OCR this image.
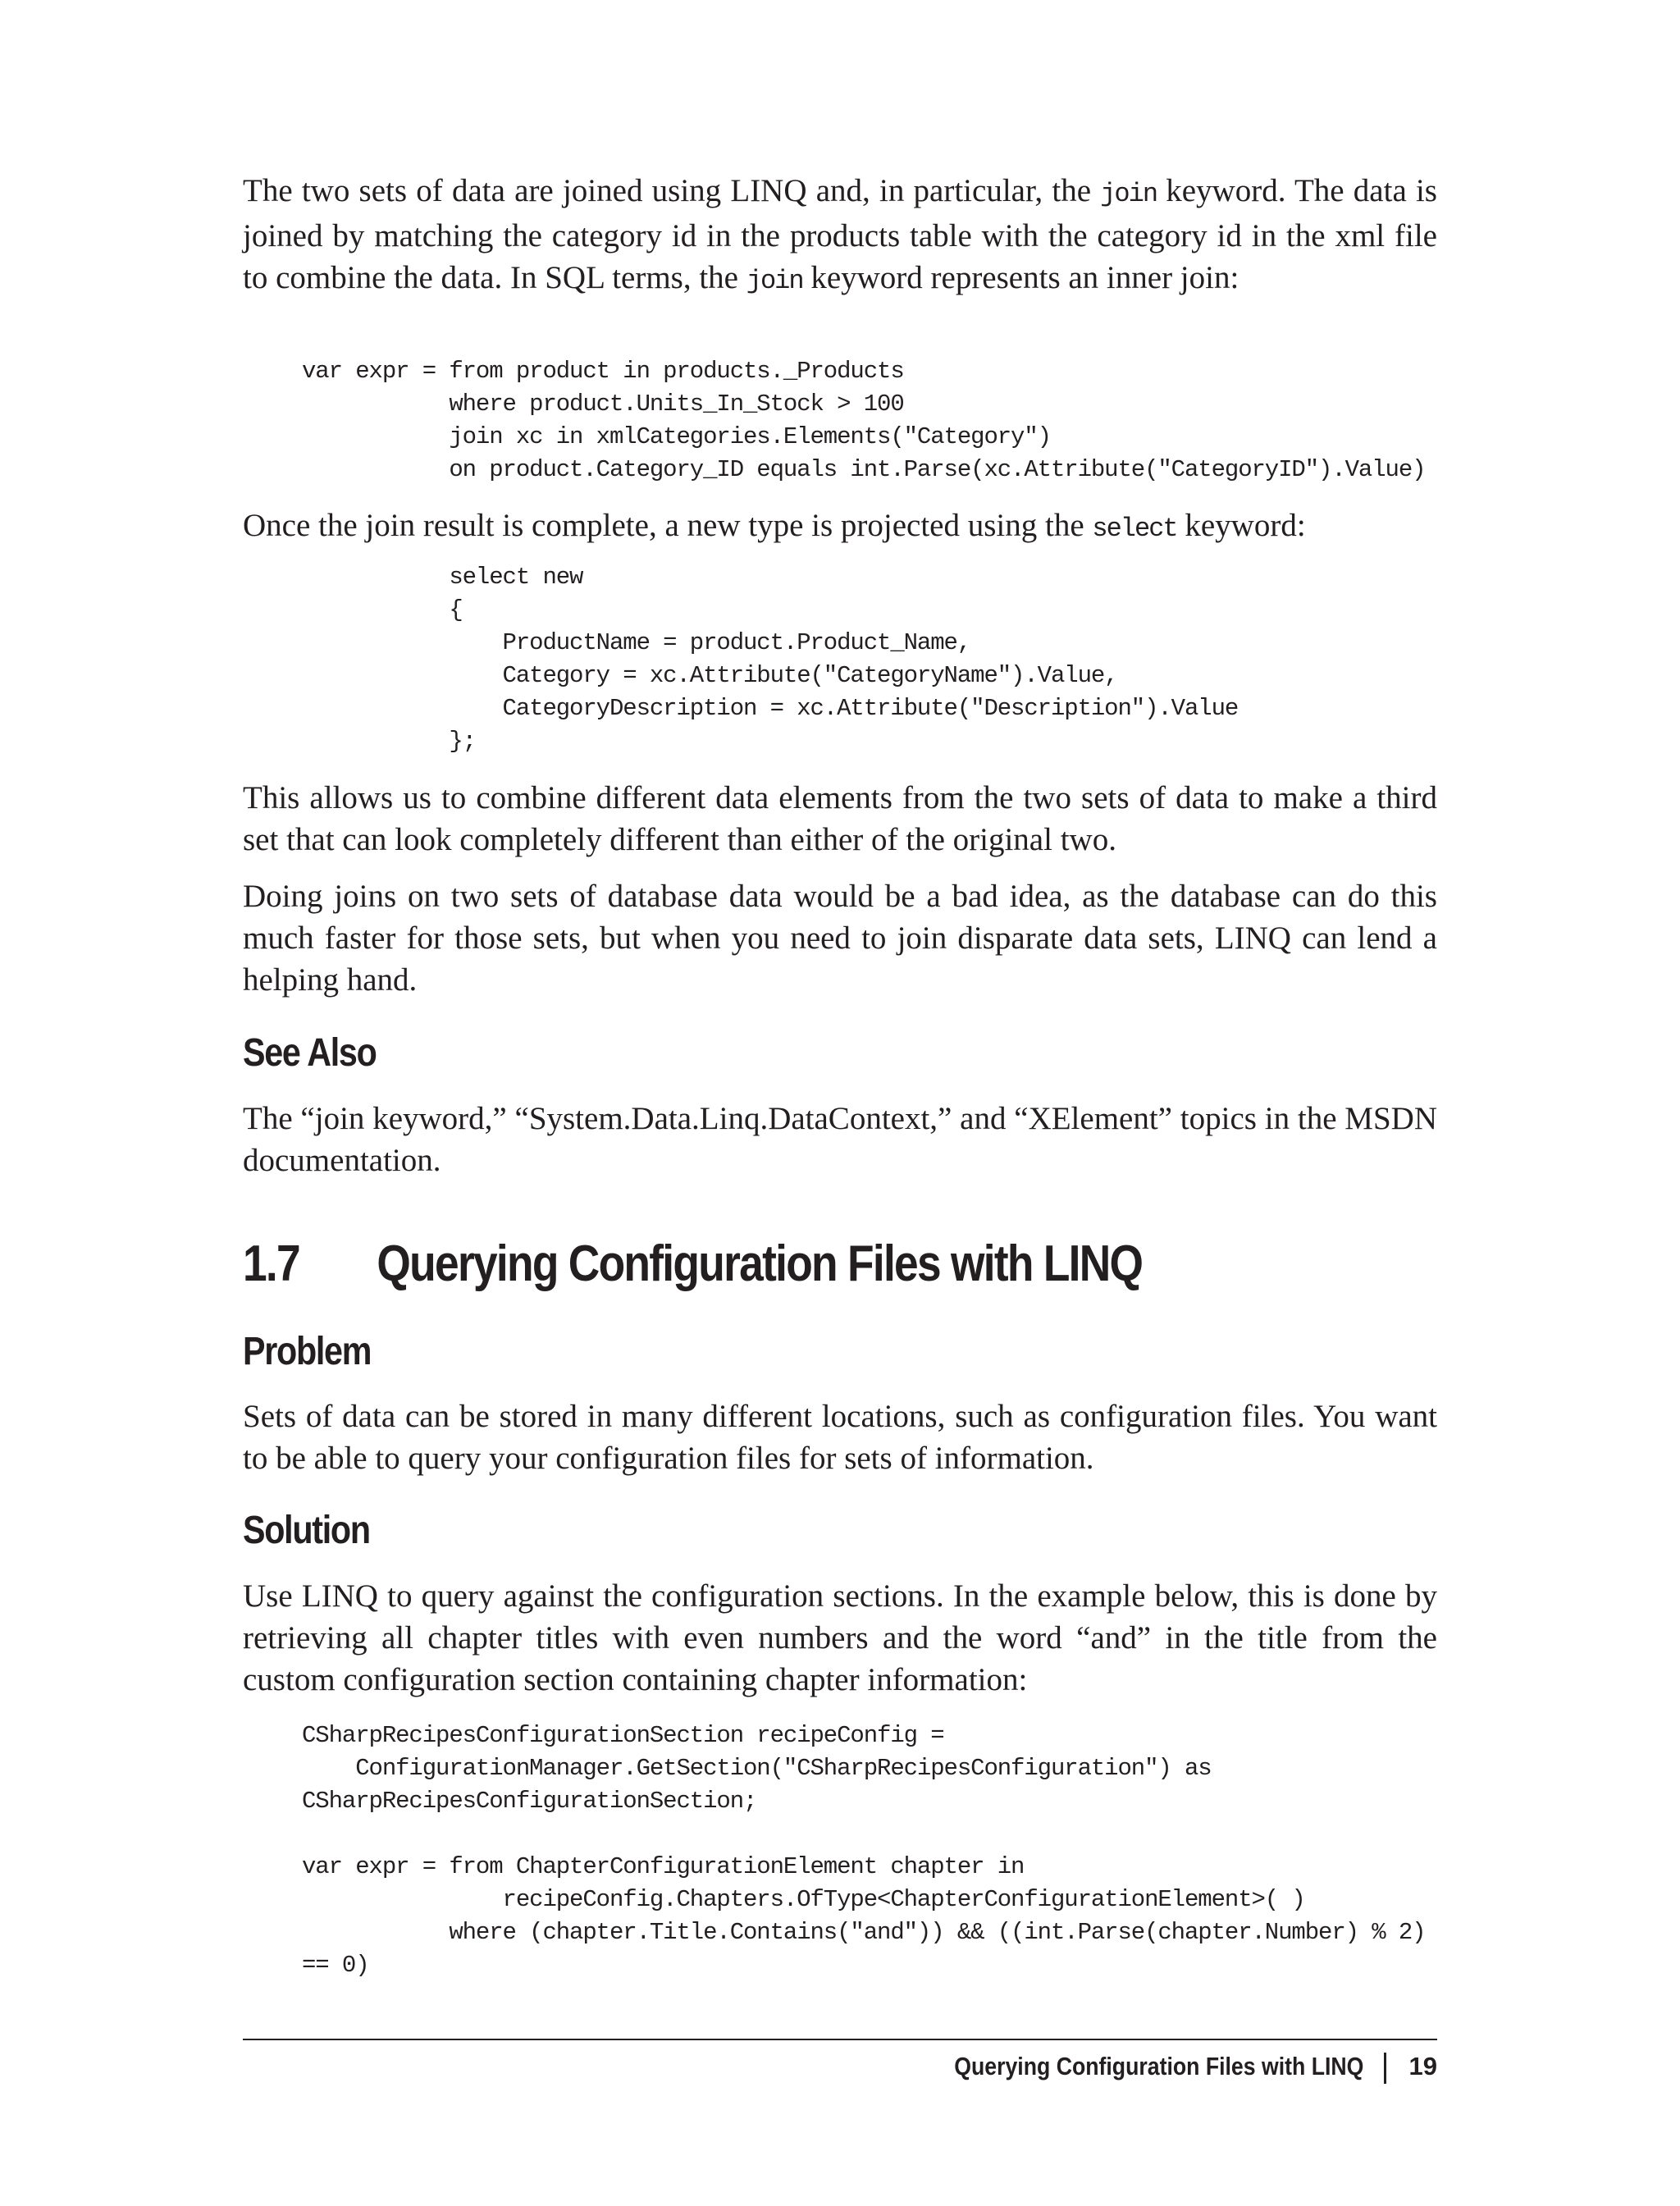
The two sets of data are joined using LINQ and, in particular, the join keyword. The data is joined by matching the category id in the products table with the category id in the xml file to combine the data. In SQL terms, the join keyword represents an inner join:

var expr = from product in products._Products
where product.Units_In_Stock > 100
join xc in xmlCategories.Elements("Category")
on product.Category_ID equals int.Parse(xc.Attribute("CategoryID").Value)

Once the join result is complete, a new type is projected using the select keyword:

select new
{
ProductName = product.Product_Name,
Category = xc.Attribute("CategoryName").Value,
CategoryDescription = xc.Attribute("Description").Value
};

This allows us to combine different data elements from the two sets of data to make a third set that can look completely different than either of the original two.

Doing joins on two sets of database data would be a bad idea, as the database can do this much faster for those sets, but when you need to join disparate data sets, LINQ can lend a helping hand.

See Also

The “join keyword,” “System.Data.Linq.DataContext,” and “XElement” topics in the MSDN documentation.

1.7 Querying Configuration Files with LINQ
Problem

Sets of data can be stored in many different locations, such as configuration files. You want to be able to query your configuration files for sets of information.

Solution

Use LINQ to query against the configuration sections. In the example below, this is done by retrieving all chapter titles with even numbers and the word “and” in the title from the custom configuration section containing chapter information:

CSharpRecipesConfigurationSection recipeConfig =
ConfigurationManager.GetSection("CSharpRecipesConfiguration") as
CSharpRecipesConfigurationSection;

var expr = from ChapterConfigurationElement chapter in
recipeConfig.Chapters.OfType<ChapterConfigurationElement>( )
where (chapter.Title.Contains("and")) && ((int.Parse(chapter.Number) % 2)
== 0)
Querying Configuration Files with LINQ 19
